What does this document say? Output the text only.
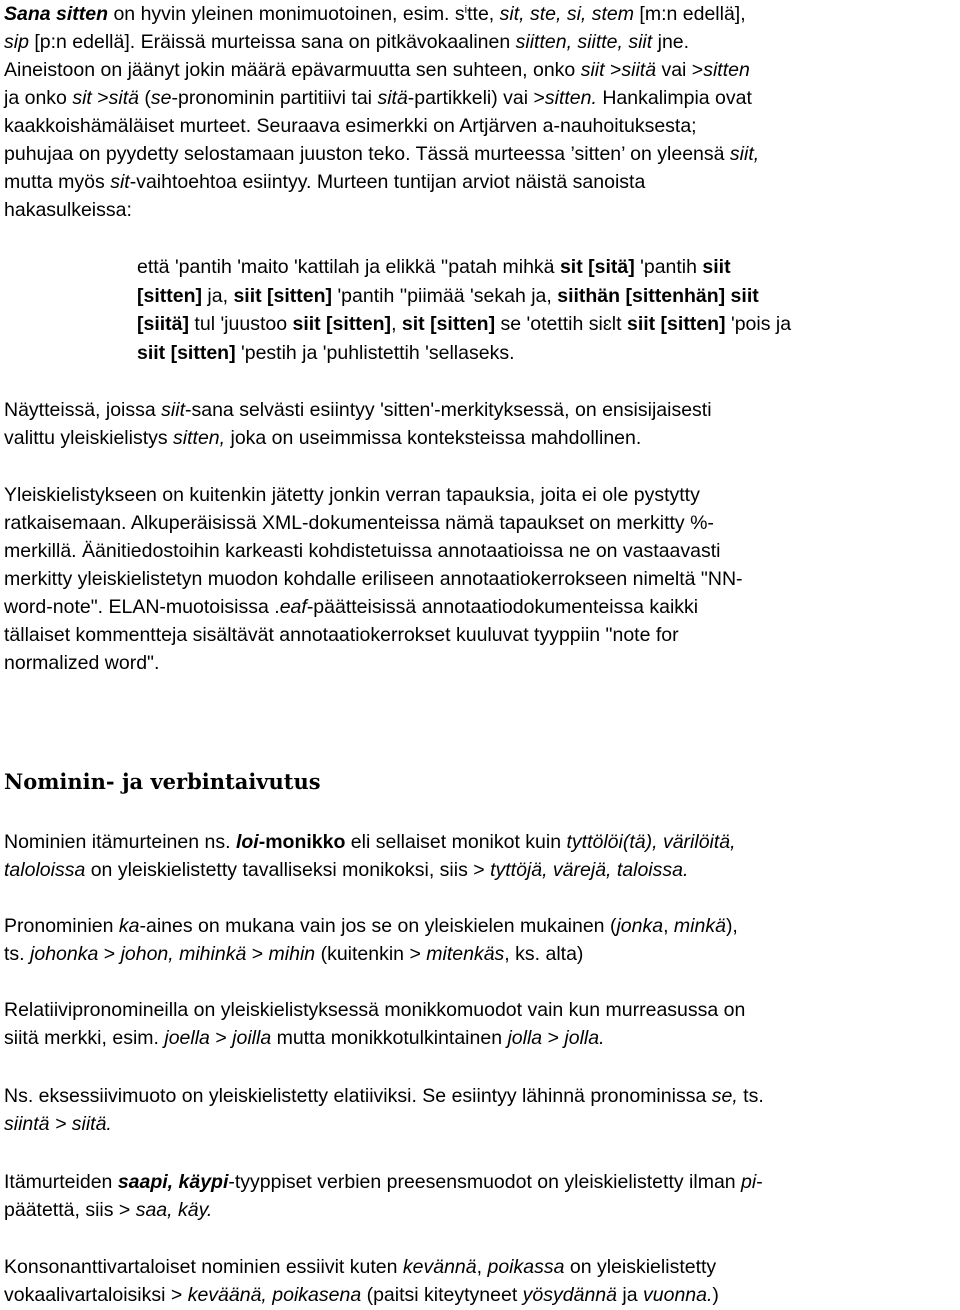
Sana sitten on hyvin yleinen monimuotoinen, esim. $s^itte$, sit, ste, si, stem [m:n edellä],
sip [p:n edellä]. Eräissä murteissa sana on pitkävokaalinen siitten, siitte, siit jne.
Aineistoon on jäänyt jokin määrä epävarmuutta sen suhteen, onko siit >siitä vai >sitten
ja onko sit >sitä (se-pronominin partitiivi tai sitä-partikkeli) vai >sitten. Hankalimpia ovat
kaakkoishämäläiset murteet. Seuraava esimerkki on Artjärven a-nauhoituksesta;
puhujaa on pyydetty selostamaan juuston teko. Tässä murteessa ’sitten’ on yleensä siit,
mutta myös sit-vaihtoehtoa esiintyy. Murteen tuntijan arviot näistä sanoista
hakasulkeissa:

että 'pantih 'maito 'kattilah ja elikkä ''patah mihkä sit [sitä] 'pantih siit
[sitten] ja, siit [sitten] 'pantih ''piimää 'sekah ja, siithän [sittenhän] siit
[siitä] tul 'juustoo siit [sitten], sit [sitten] se 'otettih siɛlt siit [sitten] 'pois ja
siit [sitten] 'pestih ja 'puhlistettih 'sellaseks.

Näytteissä, joissa siit-sana selvästi esiintyy 'sitten'-merkityksessä, on ensisijaisesti
valittu yleiskielistys sitten, joka on useimmissa konteksteissa mahdollinen.

Yleiskielistykseen on kuitenkin jätetty jonkin verran tapauksia, joita ei ole pystytty
ratkaisemaan. Alkuperäisissä XML-dokumenteissa nämä tapaukset on merkitty %-
merkillä. Äänitiedostoihin karkeasti kohdistetuissa annotaatioissa ne on vastaavasti
merkitty yleiskielistetyn muodon kohdalle eriliseen annotaatiokerrokseen nimeltä "NN-
word-note". ELAN-muotoisissa .eaf-päätteisissä annotaatiodokumenteissa kaikki
tällaiset kommentteja sisältävät annotaatiokerrokset kuuluvat tyyppiin "note for
normalized word".

Nominin- ja verbintaivutus

Nominien itämurteinen ns. loi-monikko eli sellaiset monikot kuin tyttölöi(tä), värilöitä,
taloloissa on yleiskielistetty tavalliseksi monikoksi, siis > tyttöjä, värejä, taloissa.

Pronominien ka-aines on mukana vain jos se on yleiskielen mukainen (jonka, minkä),
ts. johonka > johon, mihinkä > mihin (kuitenkin > mitenkäs, ks. alta)

Relatiivipronomineilla on yleiskielistyksessä monikkomuodot vain kun murreasussa on
siitä merkki, esim. joella > joilla mutta monikkotulkintainen jolla > jolla.

Ns. eksessiivimuoto on yleiskielistetty elatiiviksi. Se esiintyy lähinnä pronominissa se, ts.
siintä > siitä.

Itämurteiden saapi, käypi-tyyppiset verbien preesensmuodot on yleiskielistetty ilman pi-
päätettä, siis > saa, käy.

Konsonanttivartaloiset nominien essiivit kuten kevännä, poikassa on yleiskielistetty
vokaalivartaloisiksi > keväänä, poikasena (paitsi kiteytyneet yösydännä ja vuonna.)
